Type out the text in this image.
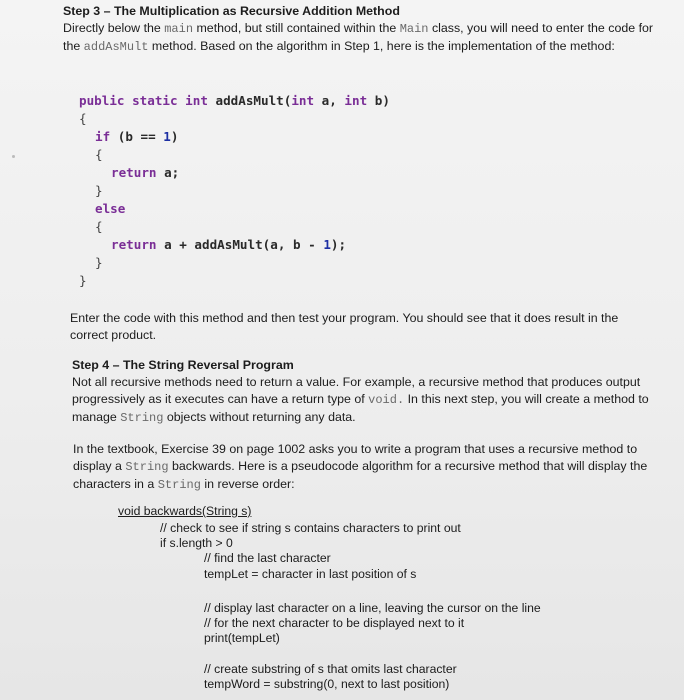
Step 3 – The Multiplication as Recursive Addition Method
Directly below the main method, but still contained within the Main class, you will need to enter the code for the addAsMult method. Based on the algorithm in Step 1, here is the implementation of the method:
public static int addAsMult(int a, int b)
{
if (b == 1)
{
return a;
}
else
{
return a + addAsMult(a, b - 1);
}
}
Enter the code with this method and then test your program. You should see that it does result in the correct product.
Step 4 – The String Reversal Program
Not all recursive methods need to return a value. For example, a recursive method that produces output progressively as it executes can have a return type of void. In this next step, you will create a method to manage String objects without returning any data.
In the textbook, Exercise 39 on page 1002 asks you to write a program that uses a recursive method to display a String backwards. Here is a pseudocode algorithm for a recursive method that will display the characters in a String in reverse order:
void backwards(String s)
// check to see if string s contains characters to print out
if s.length > 0
// find the last character
tempLet = character in last position of s
// display last character on a line, leaving the cursor on the line
// for the next character to be displayed next to it
print(tempLet)
// create substring of s that omits last character
tempWord = substring(0, next to last position)
